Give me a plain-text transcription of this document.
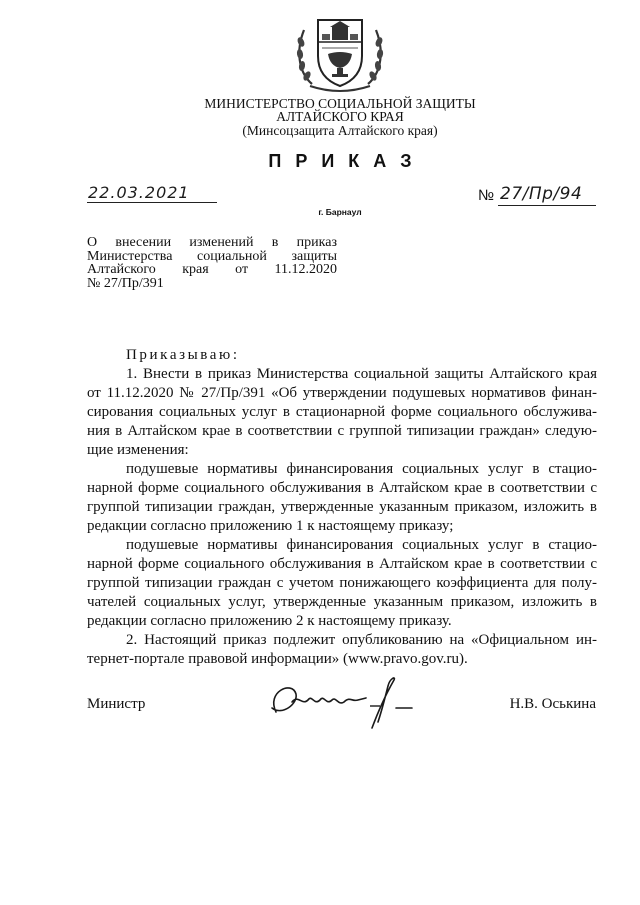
МИНИСТЕРСТВО СОЦИАЛЬНОЙ ЗАЩИТЫ
АЛТАЙСКОГО КРАЯ
(Минсоцзащита Алтайского края)
ПРИКАЗ
22.03.2021
г. Барнаул
№ 27/Пр/94
О внесении изменений в приказ
Министерства социальной защиты
Алтайского края от 11.12.2020
№ 27/Пр/391
Приказываю:
1. Внести в приказ Министерства социальной защиты Алтайского края
от 11.12.2020 № 27/Пр/391 «Об утверждении подушевых нормативов финан-
сирования социальных услуг в стационарной форме социального обслужива-
ния в Алтайском крае в соответствии с группой типизации граждан» следую-
щие изменения:
подушевые нормативы финансирования социальных услуг в стацио-
нарной форме социального обслуживания в Алтайском крае в соответствии с
группой типизации граждан, утвержденные указанным приказом, изложить в
редакции согласно приложению 1 к настоящему приказу;
подушевые нормативы финансирования социальных услуг в стацио-
нарной форме социального обслуживания в Алтайском крае в соответствии с
группой типизации граждан с учетом понижающего коэффициента для полу-
чателей социальных услуг, утвержденные указанным приказом, изложить в
редакции согласно приложению 2 к настоящему приказу.
2. Настоящий приказ подлежит опубликованию на «Официальном ин-
тернет-портале правовой информации» (www.pravo.gov.ru).
Министр	Н.В. Оськина
